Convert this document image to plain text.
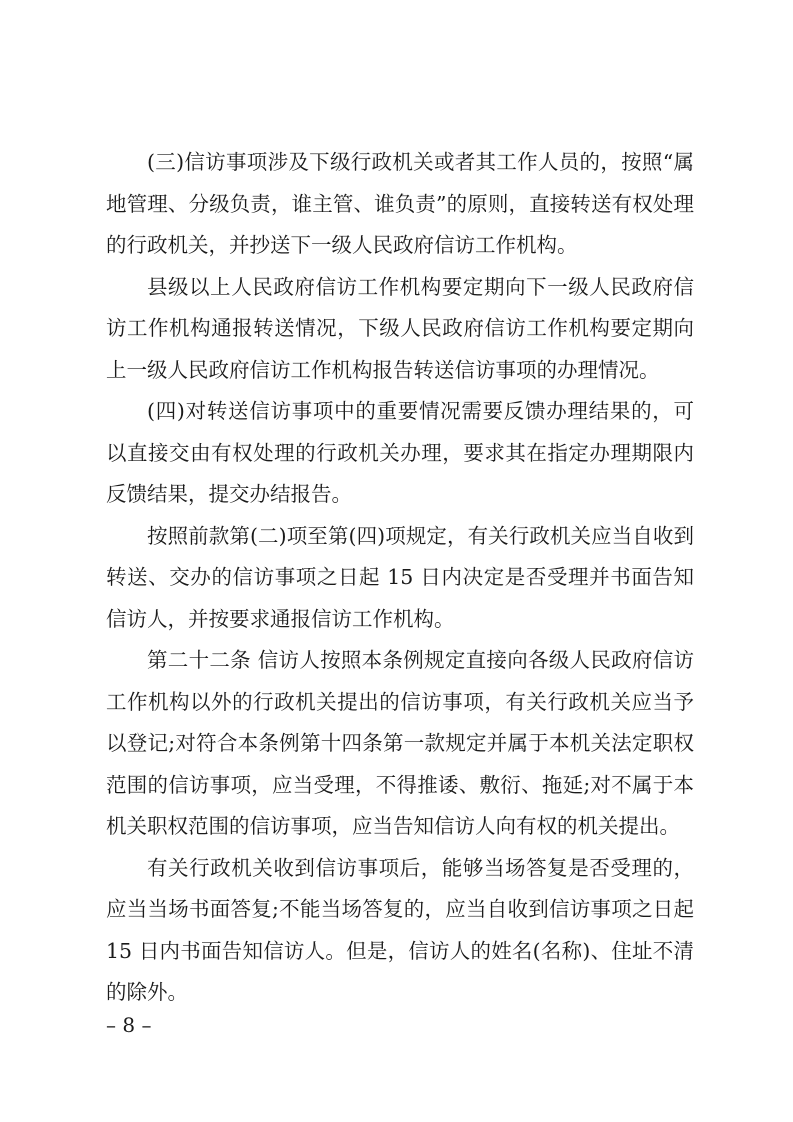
(三)信访事项涉及下级行政机关或者其工作人员的，按照“属地管理、分级负责，谁主管、谁负责”的原则，直接转送有权处理的行政机关，并抄送下一级人民政府信访工作机构。

县级以上人民政府信访工作机构要定期向下一级人民政府信访工作机构通报转送情况，下级人民政府信访工作机构要定期向上一级人民政府信访工作机构报告转送信访事项的办理情况。

(四)对转送信访事项中的重要情况需要反馈办理结果的，可以直接交由有权处理的行政机关办理，要求其在指定办理期限内反馈结果，提交办结报告。

按照前款第(二)项至第(四)项规定，有关行政机关应当自收到转送、交办的信访事项之日起 15 日内决定是否受理并书面告知信访人，并按要求通报信访工作机构。

第二十二条 信访人按照本条例规定直接向各级人民政府信访工作机构以外的行政机关提出的信访事项，有关行政机关应当予以登记;对符合本条例第十四条第一款规定并属于本机关法定职权范围的信访事项，应当受理，不得推诿、敷衍、拖延;对不属于本机关职权范围的信访事项，应当告知信访人向有权的机关提出。

有关行政机关收到信访事项后，能够当场答复是否受理的，应当当场书面答复;不能当场答复的，应当自收到信访事项之日起 15 日内书面告知信访人。但是，信访人的姓名(名称)、住址不清的除外。

– 8 –
